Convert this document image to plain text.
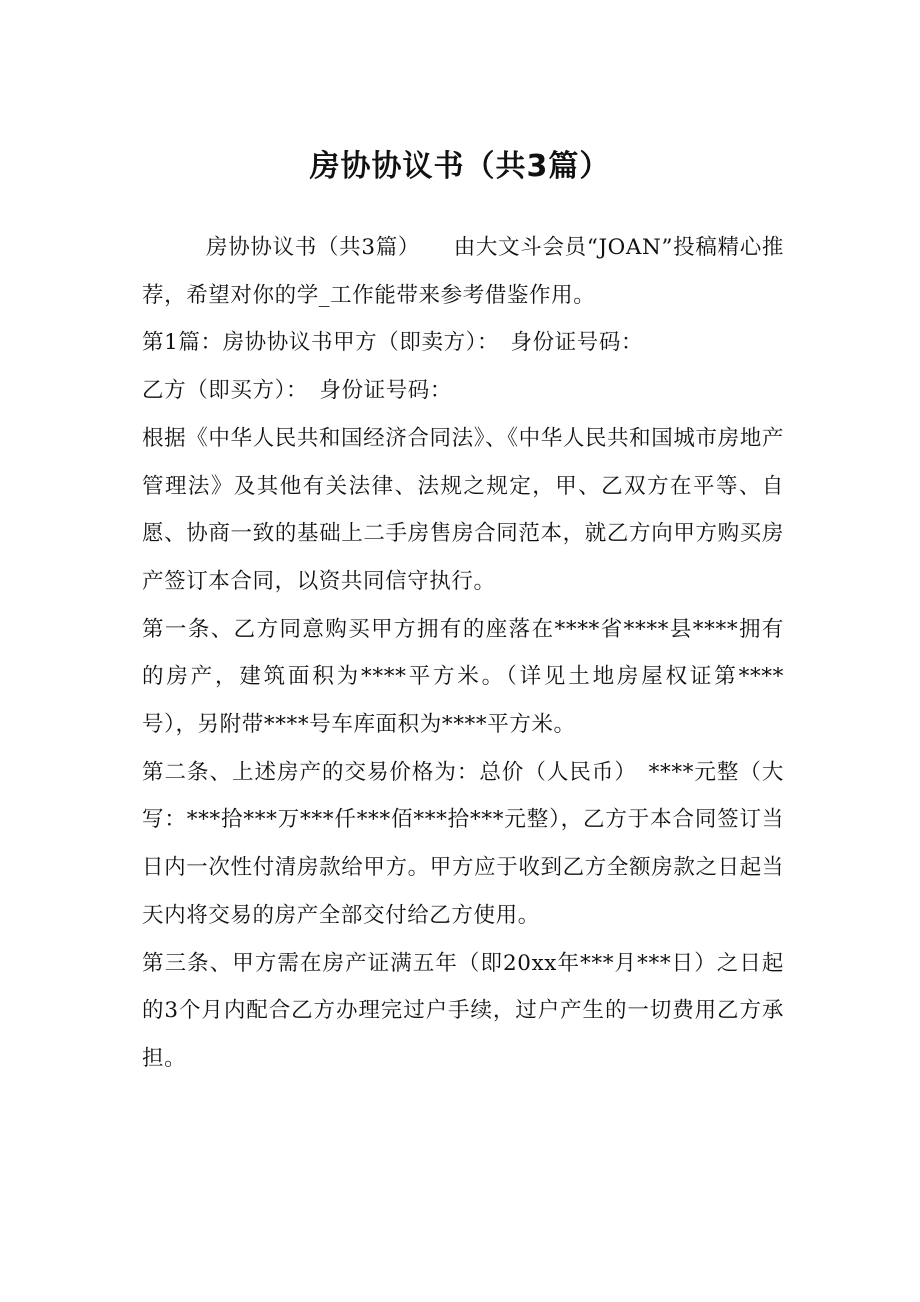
房协协议书（共3篇）

房协协议书（共3篇）　　由大文斗会员“JOAN”投稿精心推荐，希望对你的学_工作能带来参考借鉴作用。

第1篇：房协协议书甲方（即卖方）：　身份证号码：

乙方（即买方）：　身份证号码：

根据《中华人民共和国经济合同法》、《中华人民共和国城市房地产管理法》及其他有关法律、法规之规定，甲、乙双方在平等、自愿、协商一致的基础上二手房售房合同范本，就乙方向甲方购买房产签订本合同，以资共同信守执行。

第一条、乙方同意购买甲方拥有的座落在****省****县****拥有的房产，建筑面积为****平方米。（详见土地房屋权证第****号），另附带****号车库面积为****平方米。

第二条、上述房产的交易价格为：总价（人民币）　****元整（大写：***拾***万***仟***佰***拾***元整），乙方于本合同签订当日内一次性付清房款给甲方。甲方应于收到乙方全额房款之日起当天内将交易的房产全部交付给乙方使用。

第三条、甲方需在房产证满五年（即20xx年***月***日）之日起的3个月内配合乙方办理完过户手续，过户产生的一切费用乙方承担。
